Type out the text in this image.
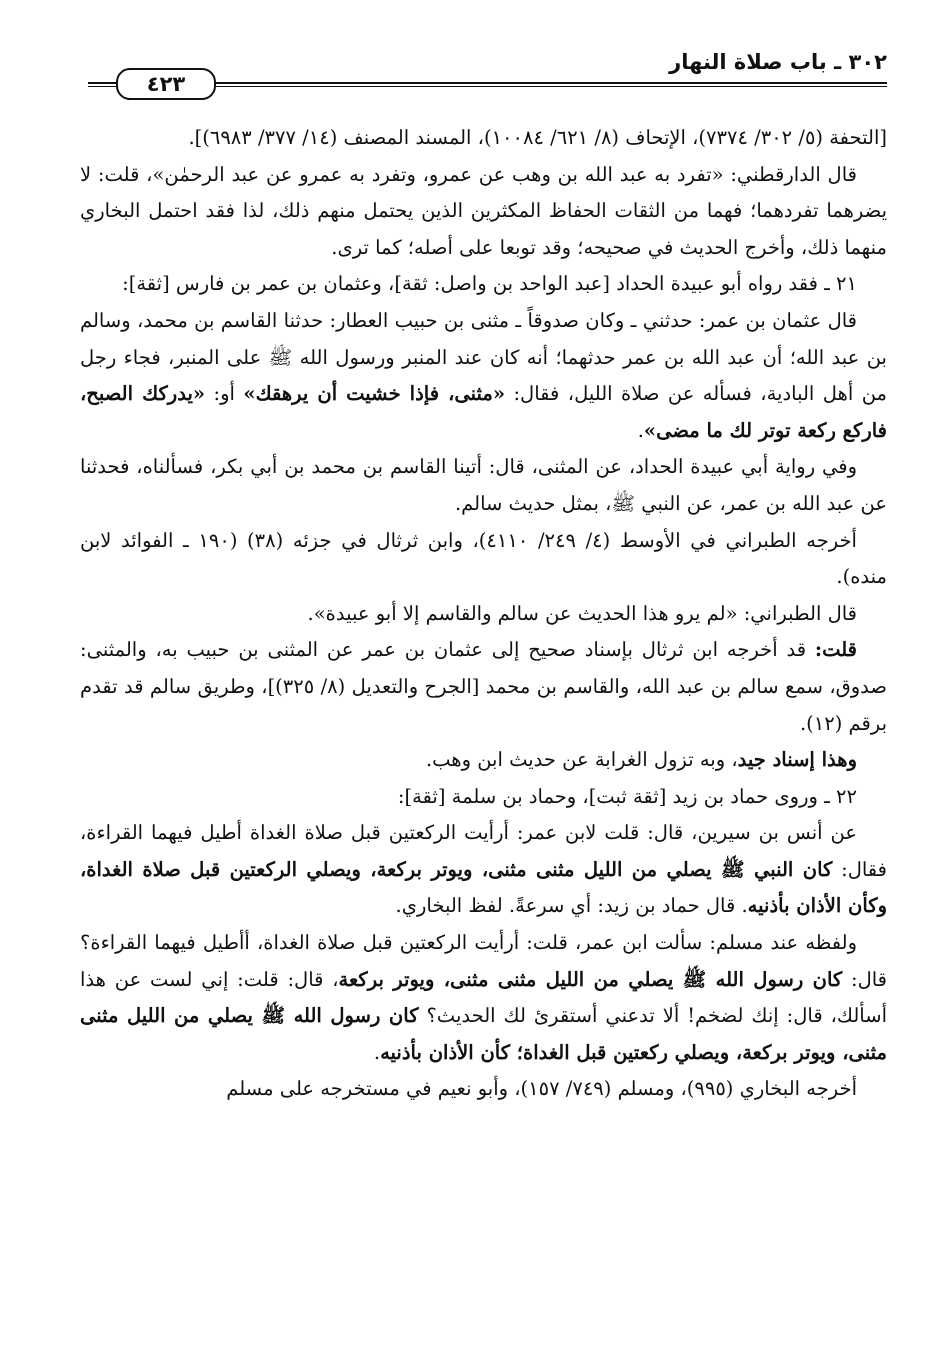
٣٠٢ ـ باب صلاة النهار
٤٢٣

[التحفة (٥/ ٣٠٢/ ٧٣٧٤)، الإتحاف (٨/ ٦٢١/ ١٠٠٨٤)، المسند المصنف (١٤/ ٣٧٧/ ٦٩٨٣)].

قال الدارقطني: «تفرد به عبد الله بن وهب عن عمرو، وتفرد به عمرو عن عبد الرحمٰن»، قلت: لا يضرهما تفردهما؛ فهما من الثقات الحفاظ المكثرين الذين يحتمل منهم ذلك، لذا فقد احتمل البخاري منهما ذلك، وأخرج الحديث في صحيحه؛ وقد توبعا على أصله؛ كما ترى.

٢١ ـ فقد رواه أبو عبيدة الحداد [عبد الواحد بن واصل: ثقة]، وعثمان بن عمر بن فارس [ثقة]:

قال عثمان بن عمر: حدثني ـ وكان صدوقاً ـ مثنى بن حبيب العطار: حدثنا القاسم بن محمد، وسالم بن عبد الله؛ أن عبد الله بن عمر حدثهما؛ أنه كان عند المنبر ورسول الله ﷺ على المنبر، فجاء رجل من أهل البادية، فسأله عن صلاة الليل، فقال: «مثنى، فإذا خشيت أن يرهقك» أو: «يدركك الصبح، فاركع ركعة توتر لك ما مضى».

وفي رواية أبي عبيدة الحداد، عن المثنى، قال: أتينا القاسم بن محمد بن أبي بكر، فسألناه، فحدثنا عن عبد الله بن عمر، عن النبي ﷺ، بمثل حديث سالم.

أخرجه الطبراني في الأوسط (٤/ ٢٤٩/ ٤١١٠)، وابن ثرثال في جزئه (٣٨) (١٩٠ ـ الفوائد لابن منده).

قال الطبراني: «لم يرو هذا الحديث عن سالم والقاسم إلا أبو عبيدة».

قلت: قد أخرجه ابن ثرثال بإسناد صحيح إلى عثمان بن عمر عن المثنى بن حبيب به، والمثنى: صدوق، سمع سالم بن عبد الله، والقاسم بن محمد [الجرح والتعديل (٨/ ٣٢٥)]، وطريق سالم قد تقدم برقم (١٢).

وهذا إسناد جيد، وبه تزول الغرابة عن حديث ابن وهب.

٢٢ ـ وروى حماد بن زيد [ثقة ثبت]، وحماد بن سلمة [ثقة]:

عن أنس بن سيرين، قال: قلت لابن عمر: أرأيت الركعتين قبل صلاة الغداة أطيل فيهما القراءة، فقال: كان النبي ﷺ يصلي من الليل مثنى مثنى، ويوتر بركعة، ويصلي الركعتين قبل صلاة الغداة، وكأن الأذان بأذنيه. قال حماد بن زيد: أي سرعةً. لفظ البخاري.

ولفظه عند مسلم: سألت ابن عمر، قلت: أرأيت الركعتين قبل صلاة الغداة، أأطيل فيهما القراءة؟ قال: كان رسول الله ﷺ يصلي من الليل مثنى مثنى، ويوتر بركعة، قال: قلت: إني لست عن هذا أسألك، قال: إنك لضخم! ألا تدعني أستقرئ لك الحديث؟ كان رسول الله ﷺ يصلي من الليل مثنى مثنى، ويوتر بركعة، ويصلي ركعتين قبل الغداة؛ كأن الأذان بأذنيه.

أخرجه البخاري (٩٩٥)، ومسلم (٧٤٩/ ١٥٧)، وأبو نعيم في مستخرجه على مسلم
